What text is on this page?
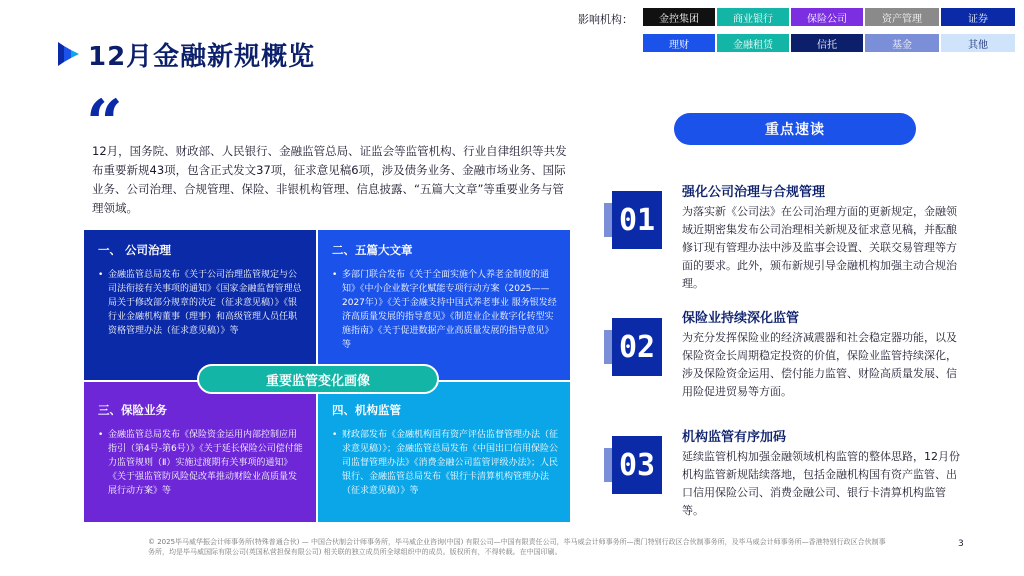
12月金融新规概览
影响机构：	金控集团	商业银行	保险公司	资产管理	证券
理财	金融租赁	信托	基金	其他
“
12月，国务院、财政部、人民银行、金融监管总局、证监会等监管机构、行业自律组织等共发布重要新规43项，包含正式发文37项，征求意见稿6项，涉及债务业务、金融市场业务、国际业务、公司治理、合规管理、保险、非银机构管理、信息披露、“五篇大文章”等重要业务与管理领域。
一、 公司治理
• 金融监管总局发布《关于公司治理监管规定与公司法衔接有关事项的通知》《国家金融监督管理总局关于修改部分规章的决定（征求意见稿）》《银行业金融机构董事（理事）和高级管理人员任职资格管理办法（征求意见稿）》等
二、五篇大文章
• 多部门联合发布《关于全面实施个人养老金制度的通知》《中小企业数字化赋能专项行动方案（2025——2027年）》《关于金融支持中国式养老事业 服务银发经济高质量发展的指导意见》《制造业企业数字化转型实施指南》《关于促进数据产业高质量发展的指导意见》等
三、保险业务
• 金融监管总局发布《保险资金运用内部控制应用指引（第4号-第6号）》《关于延长保险公司偿付能力监管规则（Ⅱ）实施过渡期有关事项的通知》《关于强监管防风险促改革推动财险业高质量发展行动方案》等
四、机构监管
• 财政部发布《金融机构国有资产评估监督管理办法（征求意见稿）》；金融监管总局发布《中国出口信用保险公司监督管理办法》《消费金融公司监管评级办法》；人民银行、金融监管总局发布《银行卡清算机构管理办法（征求意见稿）》等
重要监管变化画像
重点速读
01
强化公司治理与合规管理
为落实新《公司法》在公司治理方面的更新规定，金融领域近期密集发布公司治理相关新规及征求意见稿，并酝酿修订现有管理办法中涉及监事会设置、关联交易管理等方面的要求。此外，颁布新规引导金融机构加强主动合规治理。
02
保险业持续深化监管
为充分发挥保险业的经济减震器和社会稳定器功能，以及保险资金长周期稳定投资的价值，保险业监管持续深化，涉及保险资金运用、偿付能力监管、财险高质量发展、信用险促进贸易等方面。
03
机构监管有序加码
延续监管机构加强金融领域机构监管的整体思路，12月份机构监管新规陆续落地，包括金融机构国有资产监管、出口信用保险公司、消费金融公司、银行卡清算机构监管等。
© 2025毕马威华振会计师事务所(特殊普通合伙) — 中国合伙制会计师事务所，毕马威企业咨询(中国) 有限公司—中国有限责任公司，毕马威会计师事务所—澳门特别行政区合伙制事务所，及毕马威会计师事务所—香港特别行政区合伙制事务所，均是毕马威国际有限公司(英国私营担保有限公司) 相关联的独立成员所全球组织中的成员。版权所有，不得转载。在中国印刷。
3
